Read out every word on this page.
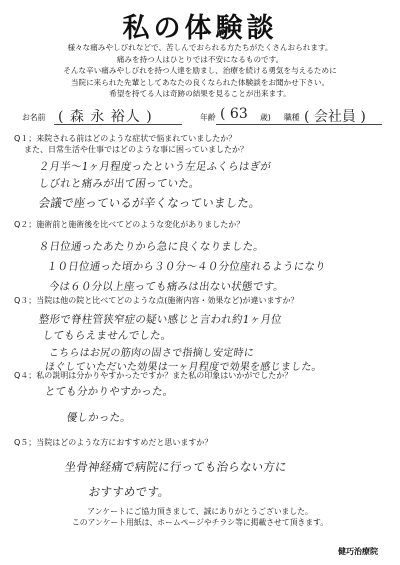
私の体験談
様々な痛みやしびれなどで、苦しんでおられる方たちがたくさんおられます。
痛みを持つ人はひとりでは不安になるものです。
そんな辛い痛みやしびれを持つ人達を励まし、治療を続ける勇気を与えるために
当院に来られた先輩としてあなたの良くなられた体験談をお聞かせ下さい。
希望を持てる人は奇跡の結果を見ることが出来ます。
お名前 ( 森 永 裕人 )	年齢 ( 63 歳) 職種 ( 会社員 )
Q１；来院される前はどのような症状で悩まれていましたか？
また、日常生活や仕事ではどのような事に困っていましたか？
２月半～1ヶ月程度ったという左足ふくらはぎが
しびれと痛みが出て困っていた。
会議で座っているが辛くなっていました。
Q２；施術前と施術後を比べてどのような変化がありましたか？
８日位通ったあたりから急に良くなりました。
１０日位通った頃から３０分～４０分位座れるようになり
今は６０分以上座っても痛みは出ない状態です。
Q３；当院は他の院と比べてどのような点(施術内容・効果など)が違いますか？
整形で脊柱管狭窄症の疑い感じと言われ約1ヶ月位
してもらえませんでした。
こちらはお尻の筋肉の固さで指摘し安定時に
ほぐしていただいた効果は一ヶ月程度で効果を感じました。
Q４；私の説明は分かりやすかったですか？また私の印象はいかがでしたか？
とても分かりやすかった。
優しかった。
Q５；当院はどのような方におすすめだと思いますか？
坐骨神経痛で病院に行っても治らない方に
おすすめです。
アンケートにご協力頂きまして、誠にありがとうございました。
このアンケート用紙は、ホームページやチラシ等に掲載させて頂きます。
健巧治療院
